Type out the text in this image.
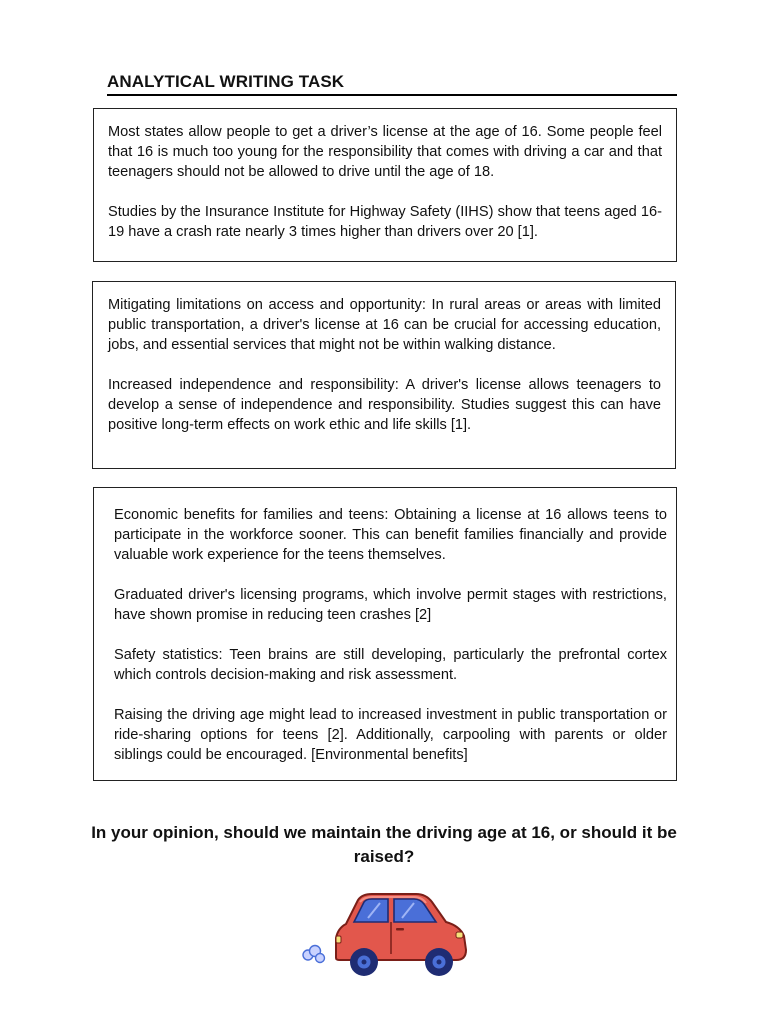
ANALYTICAL WRITING TASK

Most states allow people to get a driver’s license at the age of 16. Some people feel that 16 is much too young for the responsibility that comes with driving a car and that teenagers should not be allowed to drive until the age of 18.

Studies by the Insurance Institute for Highway Safety (IIHS) show that teens aged 16-19 have a crash rate nearly 3 times higher than drivers over 20 [1].

Mitigating limitations on access and opportunity: In rural areas or areas with limited public transportation, a driver's license at 16 can be crucial for accessing education, jobs, and essential services that might not be within walking distance.

Increased independence and responsibility: A driver's license allows teenagers to develop a sense of independence and responsibility. Studies suggest this can have positive long-term effects on work ethic and life skills [1].

Economic benefits for families and teens: Obtaining a license at 16 allows teens to participate in the workforce sooner. This can benefit families financially and provide valuable work experience for the teens themselves.

Graduated driver's licensing programs, which involve permit stages with restrictions, have shown promise in reducing teen crashes [2]

Safety statistics: Teen brains are still developing, particularly the prefrontal cortex which controls decision-making and risk assessment.

Raising the driving age might lead to increased investment in public transportation or ride-sharing options for teens [2]. Additionally, carpooling with parents or older siblings could be encouraged. [Environmental benefits]

In your opinion, should we maintain the driving age at 16, or should it be raised?
